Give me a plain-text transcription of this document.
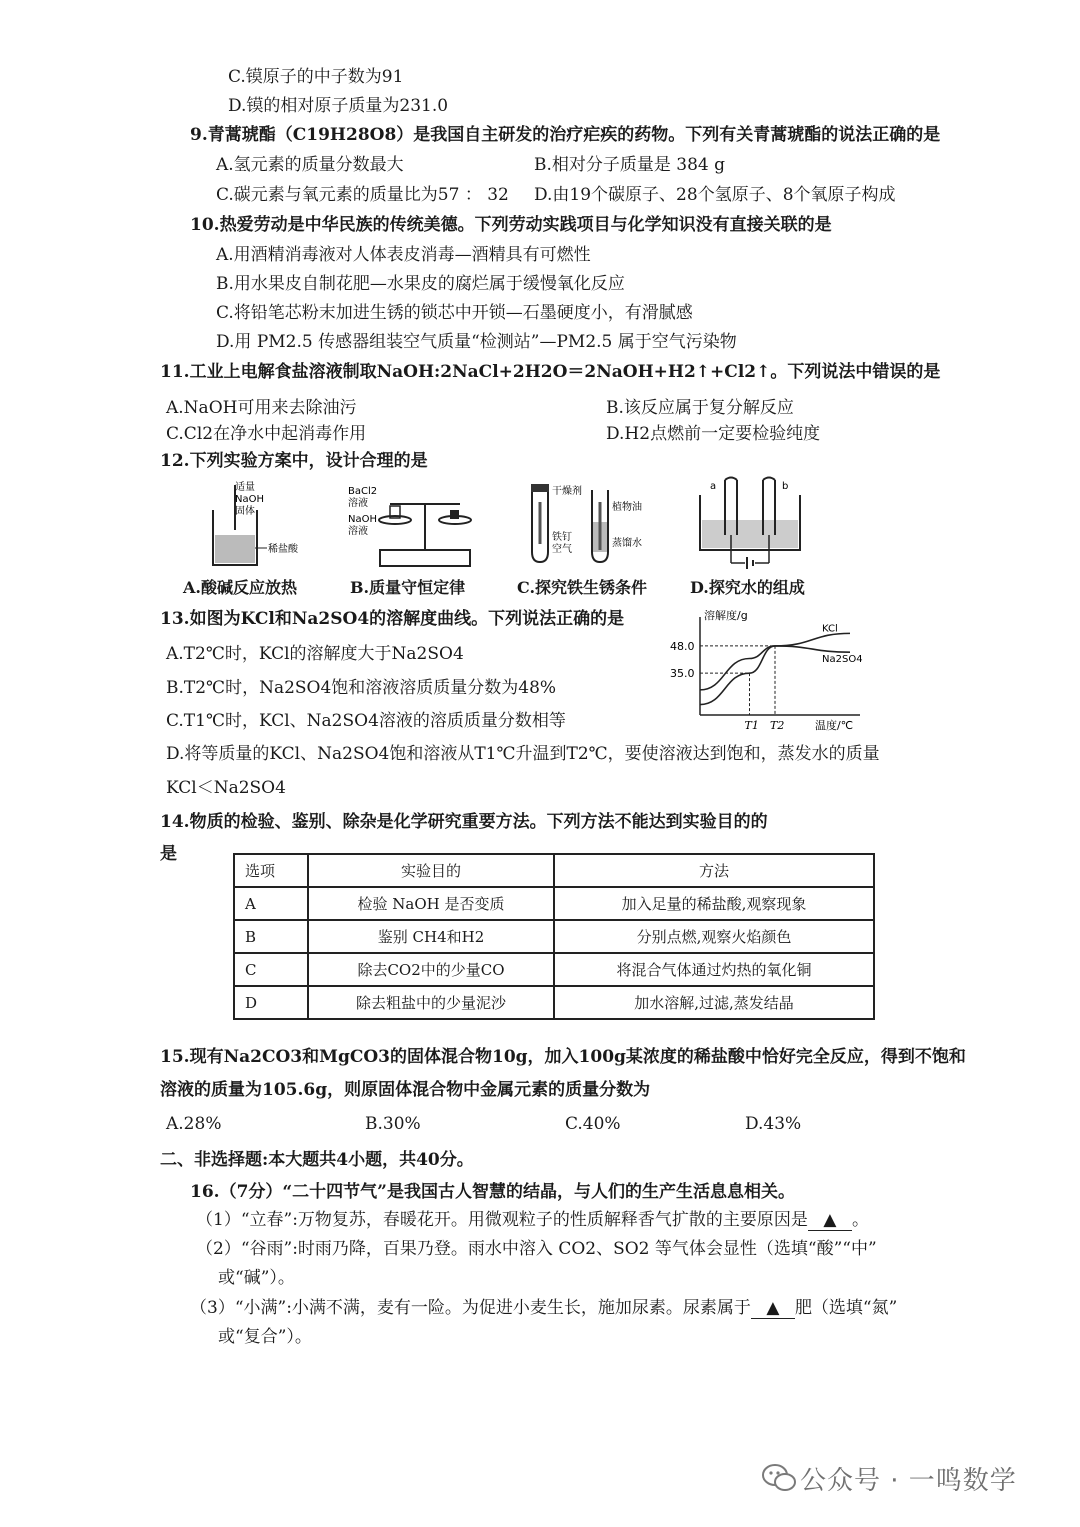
C.镆原子的中子数为91
D.镆的相对原子质量为231.0
9.青蒿琥酯（C19H28O8）是我国自主研发的治疗疟疾的药物。下列有关青蒿琥酯的说法正确的是
A.氢元素的质量分数最大	B.相对分子质量是 384 g
C.碳元素与氧元素的质量比为57 ： 32 D.由19个碳原子、28个氢原子、8个氧原子构成
10.热爱劳动是中华民族的传统美德。下列劳动实践项目与化学知识没有直接关联的是
A.用酒精消毒液对人体表皮消毒—酒精具有可燃性
B.用水果皮自制花肥—水果皮的腐烂属于缓慢氧化反应
C.将铅笔芯粉末加进生锈的锁芯中开锁—石墨硬度小，有滑腻感
D.用 PM2.5 传感器组装空气质量“检测站”—PM2.5 属于空气污染物
11.工业上电解食盐溶液制取NaOH:2NaCl+2H2O＝2NaOH+H2↑+Cl2↑。下列说法中错误的是
A.NaOH可用来去除油污	B.该反应属于复分解反应
C.Cl2在净水中起消毒作用	D.H2点燃前一定要检验纯度
12.下列实验方案中，设计合理的是
适量
NaOH
固体
稀盐酸
BaCl2
溶液
NaOH
溶液
干燥剂
铁钉
空气
植物油
蒸馏水
a	b
A.酸碱反应放热	B.质量守恒定律	C.探究铁生锈条件	D.探究水的组成
13.如图为KCl和Na2SO4的溶解度曲线。下列说法正确的是
A.T2℃时，KCl的溶解度大于Na2SO4
B.T2℃时，Na2SO4饱和溶液溶质质量分数为48%
C.T1℃时，KCl、Na2SO4溶液的溶质质量分数相等
D.将等质量的KCl、Na2SO4饱和溶液从T1℃升温到T2℃，要使溶液达到饱和，蒸发水的质量
KCl＜Na2SO4
溶解度/g
温度/℃
48.0
35.0
T1 T2
KCl
Na2SO4
14.物质的检验、鉴别、除杂是化学研究重要方法。下列方法不能达到实验目的的
是
选项	实验目的	方法
A	检验 NaOH 是否变质	加入足量的稀盐酸,观察现象
B	鉴别 CH4和H2	分别点燃,观察火焰颜色
C	除去CO2中的少量CO	将混合气体通过灼热的氧化铜
D	除去粗盐中的少量泥沙	加水溶解,过滤,蒸发结晶
15.现有Na2CO3和MgCO3的固体混合物10g，加入100g某浓度的稀盐酸中恰好完全反应，得到不饱和
溶液的质量为105.6g，则原固体混合物中金属元素的质量分数为
A.28%	B.30%	C.40%	D.43%
二、非选择题:本大题共4小题，共40分。
16.（7分）“二十四节气”是我国古人智慧的结晶，与人们的生产生活息息相关。
（1）“立春”:万物复苏，春暖花开。用微观粒子的性质解释香气扩散的主要原因是 ▲ 。
（2）“谷雨”:时雨乃降，百果乃登。雨水中溶入 CO2、SO2 等气体会显性（选填“酸”“中”
或“碱”）。
（3）“小满”:小满不满，麦有一险。为促进小麦生长，施加尿素。尿素属于 ▲ 肥（选填“氮”
或“复合”）。
公众号 · 一鸣数学
